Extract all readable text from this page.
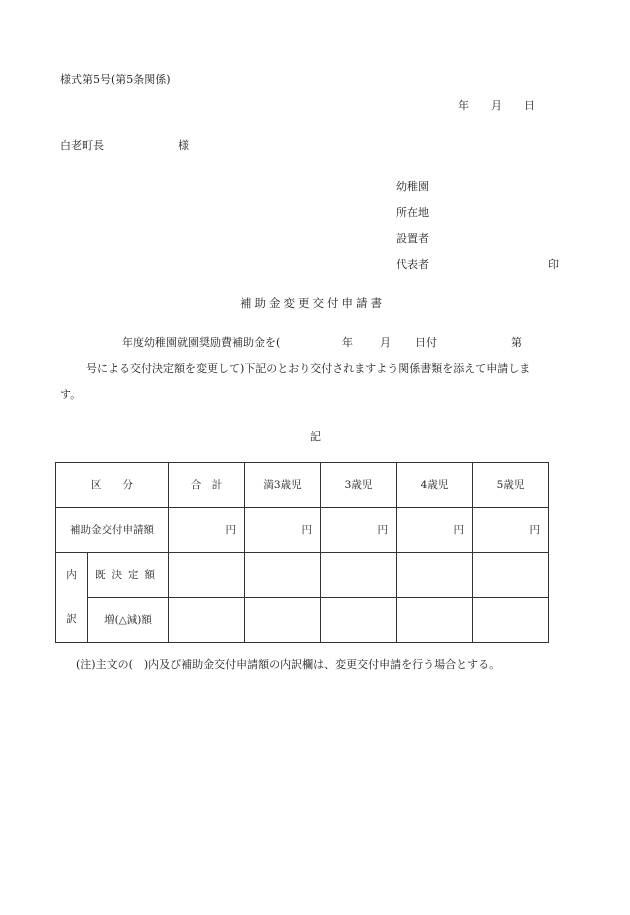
様式第5号(第5条関係)
年　　月　　日
白老町長	様
幼稚園
所在地
設置者
代表者	印
補助金変更交付申請書
年度幼稚園就園奨励費補助金を(	年 月 日付	第
号による交付決定額を変更して)下記のとおり交付されますよう関係書類を添えて申請しま
す。
記
区　　分		合　計	満3歳児	3歳児	4歳児	5歳児
補助金交付申請額		円	円	円	円	円

内
訳	既決定額					
	増(△減)額					
(注)主文の(　)内及び補助金交付申請額の内訳欄は、変更交付申請を行う場合とする。
